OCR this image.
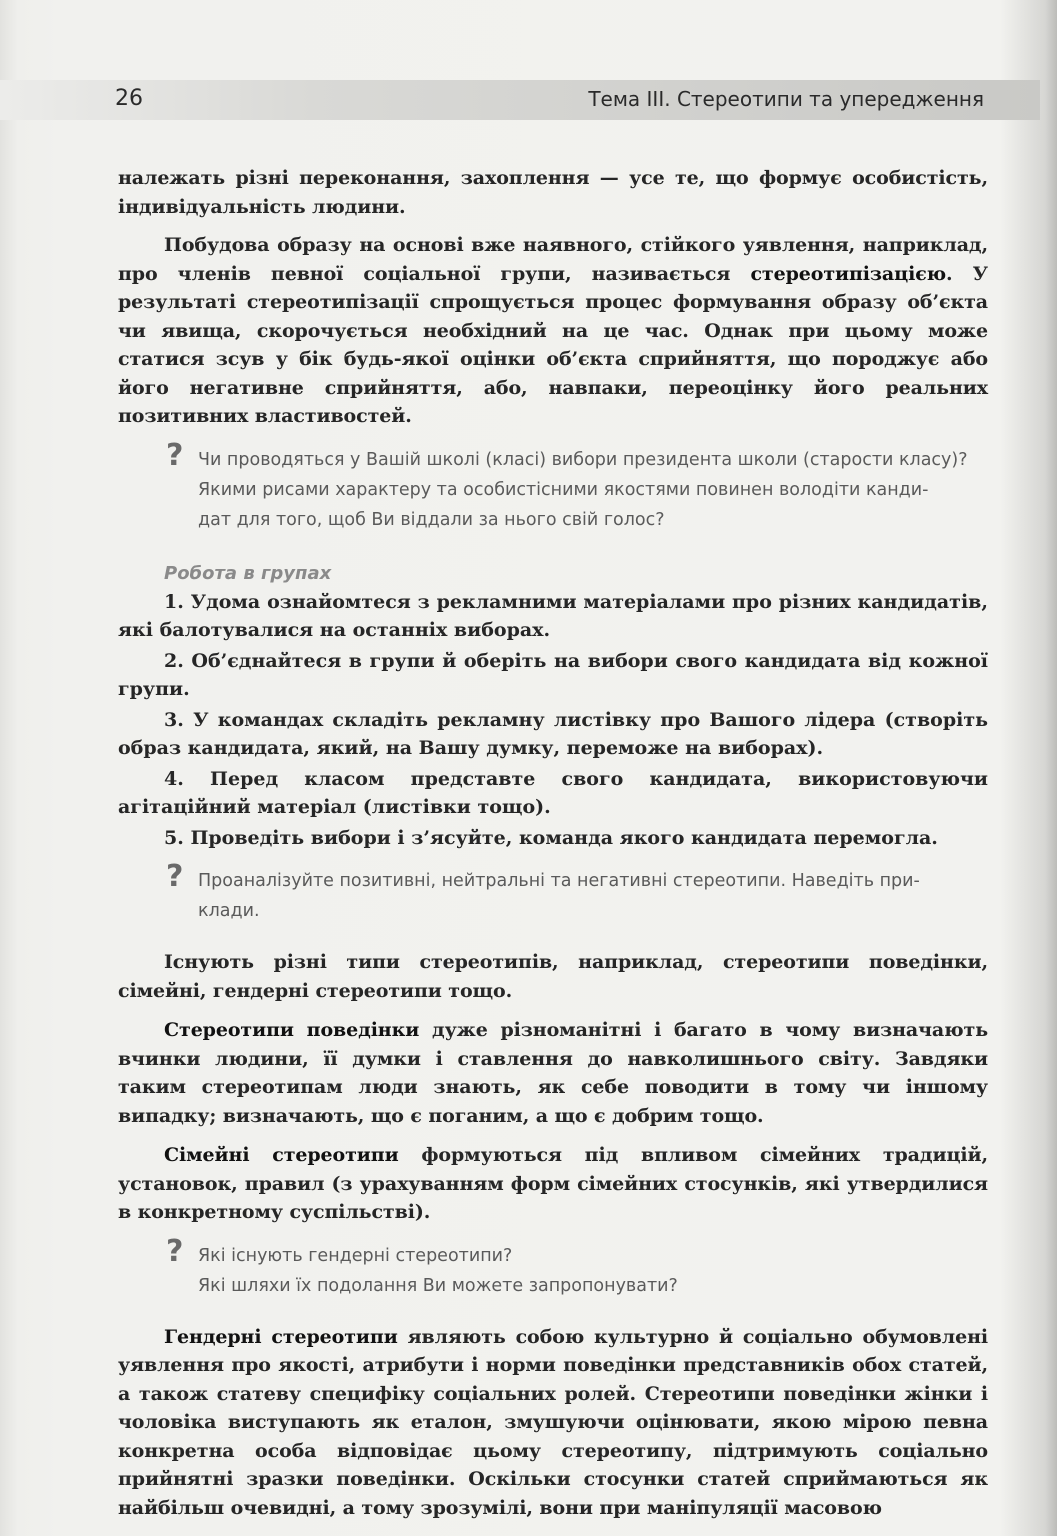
26	Тема ІІІ. Стереотипи та упередження

належать різні переконання, захоплення — усе те, що формує особистість, індивідуальність людини.

Побудова образу на основі вже наявного, стійкого уявлення, наприклад, про членів певної соціальної групи, називається стереотипізацією. У результаті стереотипізації спрощується процес формування образу об’єкта чи явища, скорочується необхідний на це час. Однак при цьому може статися зсув у бік будь-якої оцінки об’єкта сприйняття, що породжує або його негативне сприйняття, або, навпаки, переоцінку його реальних позитивних властивостей.

? Чи проводяться у Вашій школі (класі) вибори президента школи (старости класу)?
Якими рисами характеру та особистісними якостями повинен володіти канди-
дат для того, щоб Ви віддали за нього свій голос?
Робота в групах
1. Удома ознайомтеся з рекламними матеріалами про різних кандидатів, які балотувалися на останніх виборах.
2. Об’єднайтеся в групи й оберіть на вибори свого кандидата від кожної групи.
3. У командах складіть рекламну листівку про Вашого лідера (створіть образ кандидата, який, на Вашу думку, переможе на виборах).
4. Перед класом представте свого кандидата, використовуючи агітаційний матеріал (листівки тощо).
5. Проведіть вибори і з’ясуйте, команда якого кандидата перемогла.
? Проаналізуйте позитивні, нейтральні та негативні стереотипи. Наведіть при-
клади.

Існують різні типи стереотипів, наприклад, стереотипи поведінки, сімейні, гендерні стереотипи тощо.

Стереотипи поведінки дуже різноманітні і багато в чому визначають вчинки людини, її думки і ставлення до навколишнього світу. Завдяки таким стереотипам люди знають, як себе поводити в тому чи іншому випадку; визначають, що є поганим, а що є добрим тощо.

Сімейні стереотипи формуються під впливом сімейних традицій, установок, правил (з урахуванням форм сімейних стосунків, які утвердилися в конкретному суспільстві).

? Які існують гендерні стереотипи?
Які шляхи їх подолання Ви можете запропонувати?

Гендерні стереотипи являють собою культурно й соціально обумовлені уявлення про якості, атрибути і норми поведінки представників обох статей, а також статеву специфіку соціальних ролей. Стереотипи поведінки жінки і чоловіка виступають як еталон, змушуючи оцінювати, якою мірою певна конкретна особа відповідає цьому стереотипу, підтримують соціально прийнятні зразки поведінки. Оскільки стосунки статей сприймаються як найбільш очевидні, а тому зрозумілі, вони при маніпуляції масовою
